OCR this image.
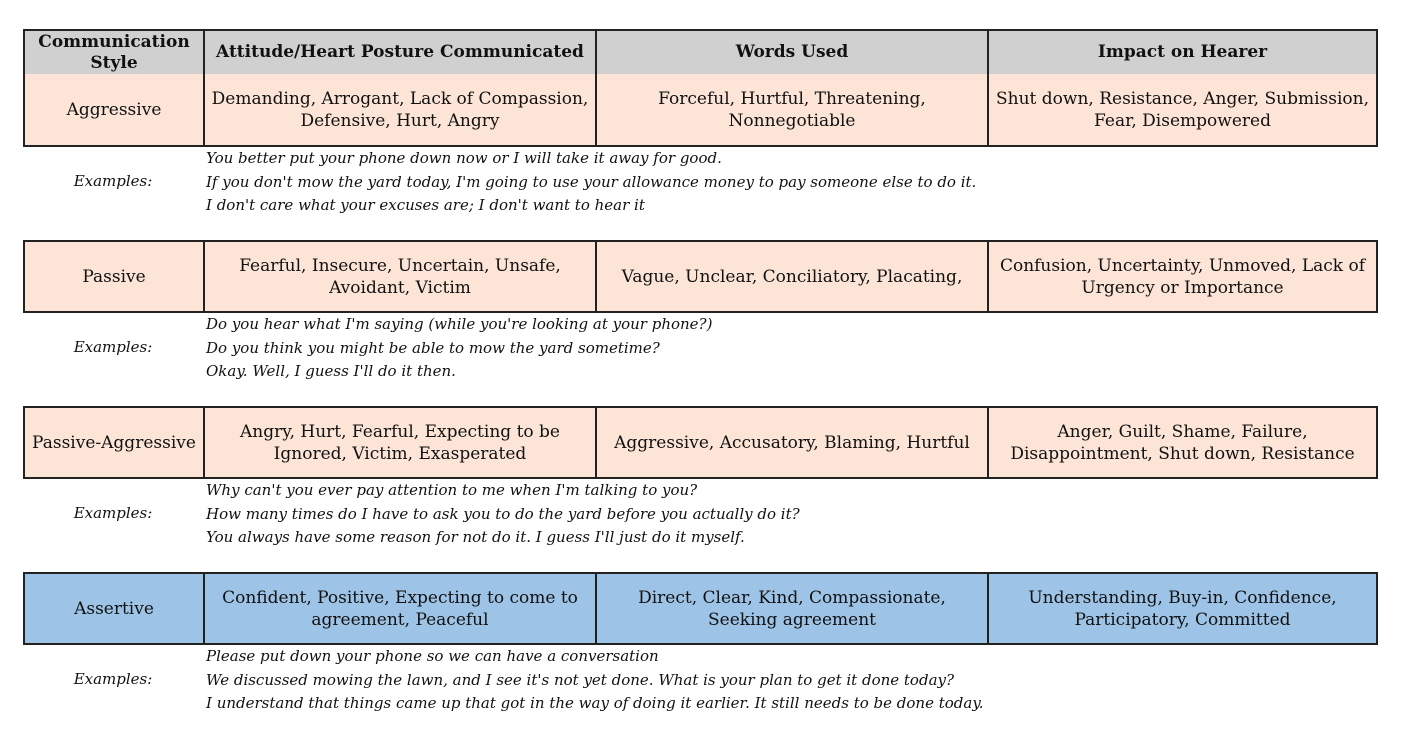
Communication Style
Attitude/Heart Posture Communicated	Words Used	Impact on Hearer
Aggressive
Demanding, Arrogant, Lack of Compassion, Defensive, Hurt, Angry
Forceful, Hurtful, Threatening, Nonnegotiable
Shut down, Resistance, Anger, Submission, Fear, Disempowered
Examples:
You better put your phone down now or I will take it away for good.
If you don't mow the yard today, I'm going to use your allowance money to pay someone else to do it.
I don't care what your excuses are; I don't want to hear it
Passive
Fearful, Insecure, Uncertain, Unsafe, Avoidant, Victim
Vague, Unclear, Conciliatory, Placating,
Confusion, Uncertainty, Unmoved, Lack of Urgency or Importance
Examples:
Do you hear what I'm saying (while you're looking at your phone?)
Do you think you might be able to mow the yard sometime?
Okay. Well, I guess I'll do it then.
Passive-Aggressive
Angry, Hurt, Fearful, Expecting to be Ignored, Victim, Exasperated
Aggressive, Accusatory, Blaming, Hurtful
Anger, Guilt, Shame, Failure, Disappointment, Shut down, Resistance
Examples:
Why can't you ever pay attention to me when I'm talking to you?
How many times do I have to ask you to do the yard before you actually do it?
You always have some reason for not do it. I guess I'll just do it myself.
Assertive
Confident, Positive, Expecting to come to agreement, Peaceful
Direct, Clear, Kind, Compassionate, Seeking agreement
Understanding, Buy-in, Confidence, Participatory, Committed
Examples:
Please put down your phone so we can have a conversation
We discussed mowing the lawn, and I see it's not yet done. What is your plan to get it done today?
I understand that things came up that got in the way of doing it earlier. It still needs to be done today.
